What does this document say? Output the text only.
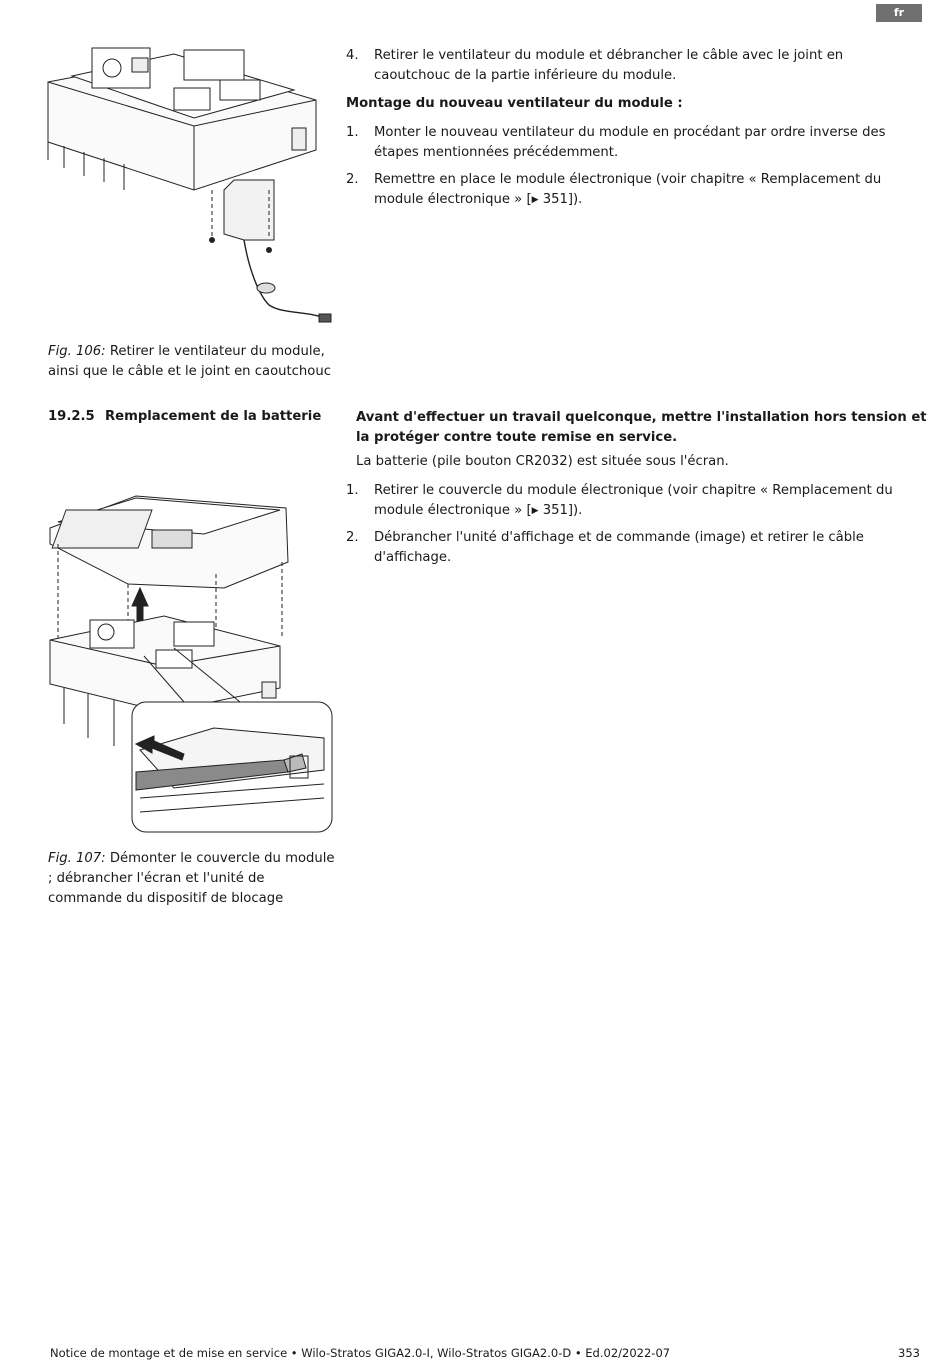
fr
4. Retirer le ventilateur du module et débrancher le câble avec le joint en caoutchouc de la partie inférieure du module.
Montage du nouveau ventilateur du module :
1. Monter le nouveau ventilateur du module en procédant par ordre inverse des étapes mentionnées précédemment.
2. Remettre en place le module électronique (voir chapitre « Remplacement du module électronique » [▶ 351]).
Fig. 106: Retirer le ventilateur du module, ainsi que le câble et le joint en caoutchouc
19.2.5 Remplacement de la batterie	Avant d'effectuer un travail quelconque, mettre l'installation hors tension et la protéger contre toute remise en service.
La batterie (pile bouton CR2032) est située sous l'écran.
1. Retirer le couvercle du module électronique (voir chapitre « Remplacement du module électronique » [▶ 351]).
2. Débrancher l'unité d'affichage et de commande (image) et retirer le câble d'affichage.
Fig. 107: Démonter le couvercle du module ; débrancher l'écran et l'unité de commande du dispositif de blocage
Notice de montage et de mise en service • Wilo-Stratos GIGA2.0-I, Wilo-Stratos GIGA2.0-D • Ed.02/2022-07	353
